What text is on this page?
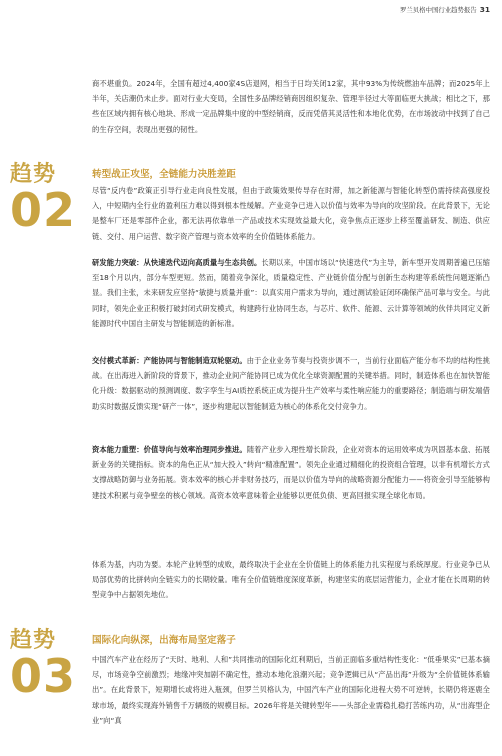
罗兰贝格中国行业趋势报告 31
商不堪重负。2024年，全国有超过4,400家4S店退网，相当于日均关闭12家，其中93%为传统燃油车品牌；而2025年上半年，关店潮仍未止步。面对行业大变局，全国性多品牌经销商因组织复杂、管理半径过大等面临更大挑战；相比之下，那些在区域内拥有核心地块、形成一定品牌集中度的中型经销商，反而凭借其灵活性和本地化优势，在市场波动中找到了自己的生存空间，表现出更强的韧性。
趋势
02
转型战正攻坚，全链能力决胜差距
尽管“反内卷”政策正引导行业走向良性发展，但由于政策效果传导存在时滞，加之新能源与智能化转型仍需持续高强度投入，中短期内全行业的盈利压力难以得到根本性缓解。产业竞争已进入以价值与效率为导向的攻坚阶段。在此背景下，无论是整车厂还是零部件企业，都无法再依靠单一产品或技术实现效益最大化，竞争焦点正逐步上移至覆盖研发、制造、供应链、交付、用户运营、数字资产管理与资本效率的全价值链体系能力。
研发能力突破：从快速迭代迈向高质量与生态共创。长期以来，中国市场以“快速迭代”为主导，新车型开发周期普遍已压缩至18个月以内，部分车型更短。然而，随着竞争深化，质量稳定性、产业链价值分配与创新生态构建等系统性问题逐渐凸显。我们主张，未来研发应坚持“敏捷与质量并重”：以真实用户需求为导向，通过测试验证闭环确保产品可靠与安全。与此同时，领先企业正积极打破封闭式研发模式，构建跨行业协同生态，与芯片、软件、能源、云计算等领域的伙伴共同定义新能源时代中国自主研发与智能制造的新标准。
交付模式革新：产能协同与智能制造双轮驱动。由于企业业务节奏与投资步调不一，当前行业面临产能分布不均的结构性挑战。在出海进入新阶段的背景下，推动企业间产能协同已成为优化全球资源配置的关键举措。同时，制造体系也在加快智能化升级：数据驱动的预测调度、数字孪生与AI质控系统正成为提升生产效率与柔性响应能力的重要路径；制造端与研发端借助实时数据反馈实现“研产一体”，逐步构建起以智能制造为核心的体系化交付竞争力。
资本能力重塑：价值导向与效率治理同步推进。随着产业步入理性增长阶段，企业对资本的运用效率成为巩固基本盘、拓展新业务的关键指标。资本的角色正从“加大投入”转向“精准配置”。领先企业通过精细化的投资组合管理，以非有机增长方式支撑战略防御与业务拓展。资本效率的核心并非财务技巧，而是以价值为导向的战略资源分配能力——将资金引导至能够构建技术积累与竞争壁垒的核心领域。高资本效率意味着企业能够以更低负债、更高回报实现全球化布局。
体系为基，内功为要。本轮产业转型的成败，最终取决于企业在全价值链上的体系能力扎实程度与系统厚度。行业竞争已从局部优势的比拼转向全链实力的长期较量。唯有全价值链维度深度革新，构建坚实的底层运营能力，企业才能在长周期的转型竞争中占据领先地位。
趋势
03
国际化向纵深，出海布局坚定落子
中国汽车产业在经历了“天时、地利、人和”共同推动的国际化红利期后，当前正面临多重结构性变化：“低垂果实”已基本摘尽，市场竞争空前激烈；地缘冲突加剧不确定性，推动本地化浪潮兴起；竞争逻辑已从“产品出海”升级为“全价值链体系输出”。在此背景下，短期增长或将进入瓶颈，但罗兰贝格认为，中国汽车产业的国际化进程大势不可逆转，长期仍将逐鹿全球市场，最终实现海外销售千万辆级的规模目标。2026年将是关键转型年——头部企业需稳扎稳打苦练内功，从“出海型企业”向“真
